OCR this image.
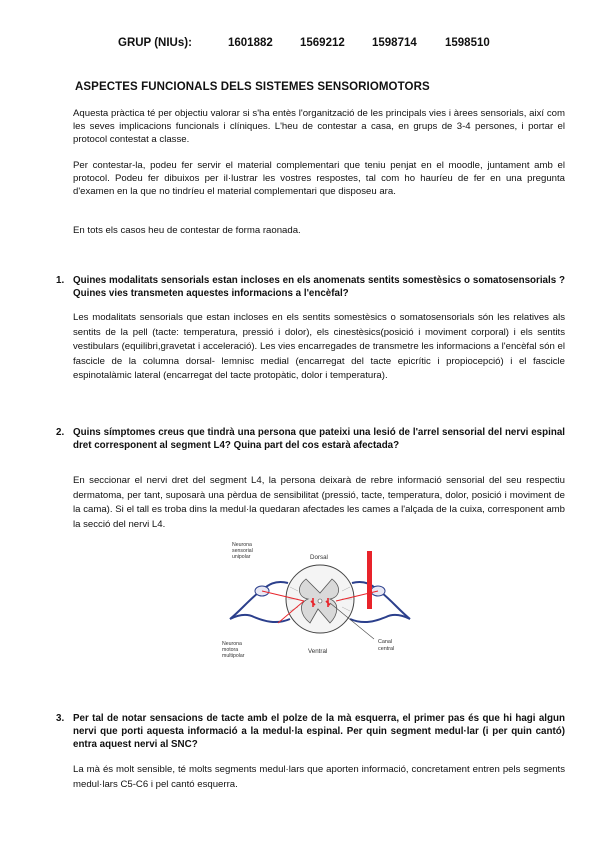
GRUP (NIUs):	1601882 1569212 1598714 1598510
ASPECTES FUNCIONALS DELS SISTEMES SENSORIOMOTORS
Aquesta pràctica té per objectiu valorar si s'ha entès l'organització de les principals vies i àrees sensorials, així com les seves implicacions funcionals i clíniques. L'heu de contestar a casa, en grups de 3-4 persones, i portar el protocol contestat a classe.
Per contestar-la, podeu fer servir el material complementari que teniu penjat en el moodle, juntament amb el protocol. Podeu fer dibuixos per il·lustrar les vostres respostes, tal com ho hauríeu de fer en una pregunta d'examen en la que no tindríeu el material complementari que disposeu ara.
En tots els casos heu de contestar de forma raonada.
1. Quines modalitats sensorials estan incloses en els anomenats sentits somestèsics o somatosensorials ? Quines vies transmeten aquestes informacions a l'encèfal?
Les modalitats sensorials que estan incloses en els sentits somestèsics o somatosensorials són les relatives als sentits de la pell (tacte: temperatura, pressió i dolor), els cinestèsics(posició i moviment corporal) i els sentits vestibulars (equilibri,gravetat i acceleració). Les vies encarregades de transmetre les informacions a l'encèfal són el fascicle de la columna dorsal- lemnisc medial (encarregat del tacte epicrític i propiocepció) i el fascicle espinotalàmic lateral (encarregat del tacte protopàtic, dolor i temperatura).
2. Quins símptomes creus que tindrà una persona que pateixi una lesió de l'arrel sensorial del nervi espinal dret corresponent al segment L4? Quina part del cos estarà afectada?
En seccionar el nervi dret del segment L4, la persona deixarà de rebre informació sensorial del seu respectiu dermatoma, per tant, suposarà una pèrdua de sensibilitat (pressió, tacte, temperatura, dolor, posició i moviment de la cama). Si el tall es troba dins la medul·la quedaran afectades les cames a l'alçada de la cuixa, corresponent amb la secció del nervi L4.
Neurona
sensorial
unipolar	Dorsal
Ventral
Neurona
motora
multipolar
Canal
central
3. Per tal de notar sensacions de tacte amb el polze de la mà esquerra, el primer pas és que hi hagi algun nervi que porti aquesta informació a la medul·la espinal. Per quin segment medul·lar (i per quin cantó) entra aquest nervi al SNC?
La mà és molt sensible, té molts segments medul·lars que aporten informació, concretament entren pels segments medul·lars C5-C6 i pel cantó esquerra.
